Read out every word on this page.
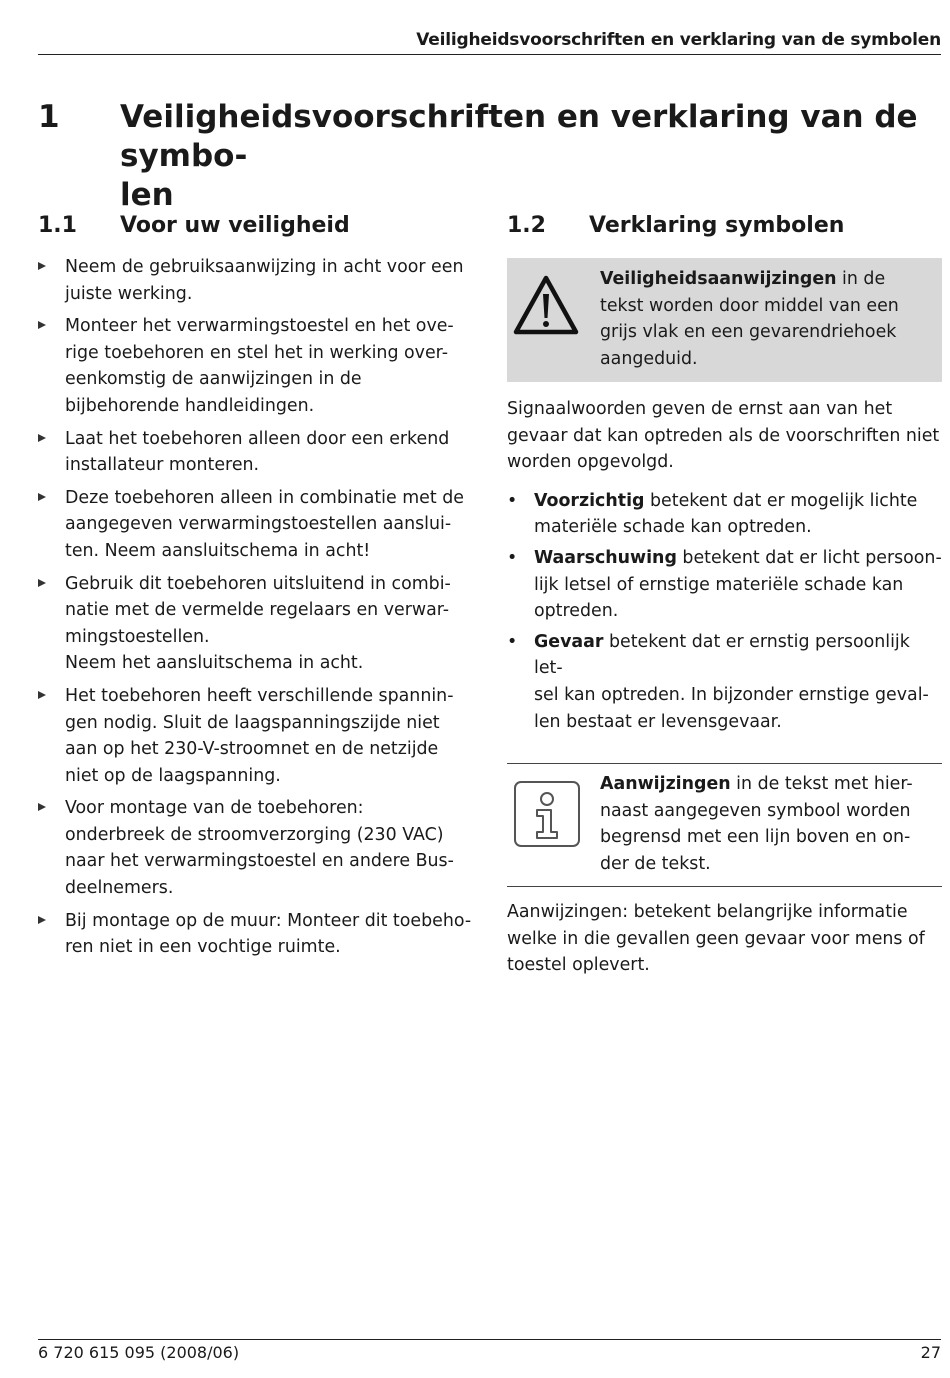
Veiligheidsvoorschriften en verklaring van de symbolen
1 Veiligheidsvoorschriften en verklaring van de symbo-
len
1.1 Voor uw veiligheid
Neem de gebruiksaanwijzing in acht voor een
juiste werking.
Monteer het verwarmingstoestel en het ove-
rige toebehoren en stel het in werking over-
eenkomstig de aanwijzingen in de
bijbehorende handleidingen.
Laat het toebehoren alleen door een erkend
installateur monteren.
Deze toebehoren alleen in combinatie met de
aangegeven verwarmingstoestellen aanslui-
ten. Neem aansluitschema in acht!
Gebruik dit toebehoren uitsluitend in combi-
natie met de vermelde regelaars en verwar-
mingstoestellen.
Neem het aansluitschema in acht.
Het toebehoren heeft verschillende spannin-
gen nodig. Sluit de laagspanningszijde niet
aan op het 230-V-stroomnet en de netzijde
niet op de laagspanning.
Voor montage van de toebehoren:
onderbreek de stroomverzorging (230 VAC)
naar het verwarmingstoestel en andere Bus-
deelnemers.
Bij montage op de muur: Monteer dit toebeho-
ren niet in een vochtige ruimte.
1.2 Verklaring symbolen
Veiligheidsaanwijzingen in de
tekst worden door middel van een
grijs vlak en een gevarendriehoek
aangeduid.

Signaalwoorden geven de ernst aan van het
gevaar dat kan optreden als de voorschriften niet
worden opgevolgd.

• Voorzichtig betekent dat er mogelijk lichte
materiële schade kan optreden.
• Waarschuwing betekent dat er licht persoon-
lijk letsel of ernstige materiële schade kan
optreden.
• Gevaar betekent dat er ernstig persoonlijk let-
sel kan optreden. In bijzonder ernstige geval-
len bestaat er levensgevaar.
Aanwijzingen in de tekst met hier-
naast aangegeven symbool worden
begrensd met een lijn boven en on-
der de tekst.

Aanwijzingen: betekent belangrijke informatie
welke in die gevallen geen gevaar voor mens of
toestel oplevert.

6 720 615 095 (2008/06)	27
